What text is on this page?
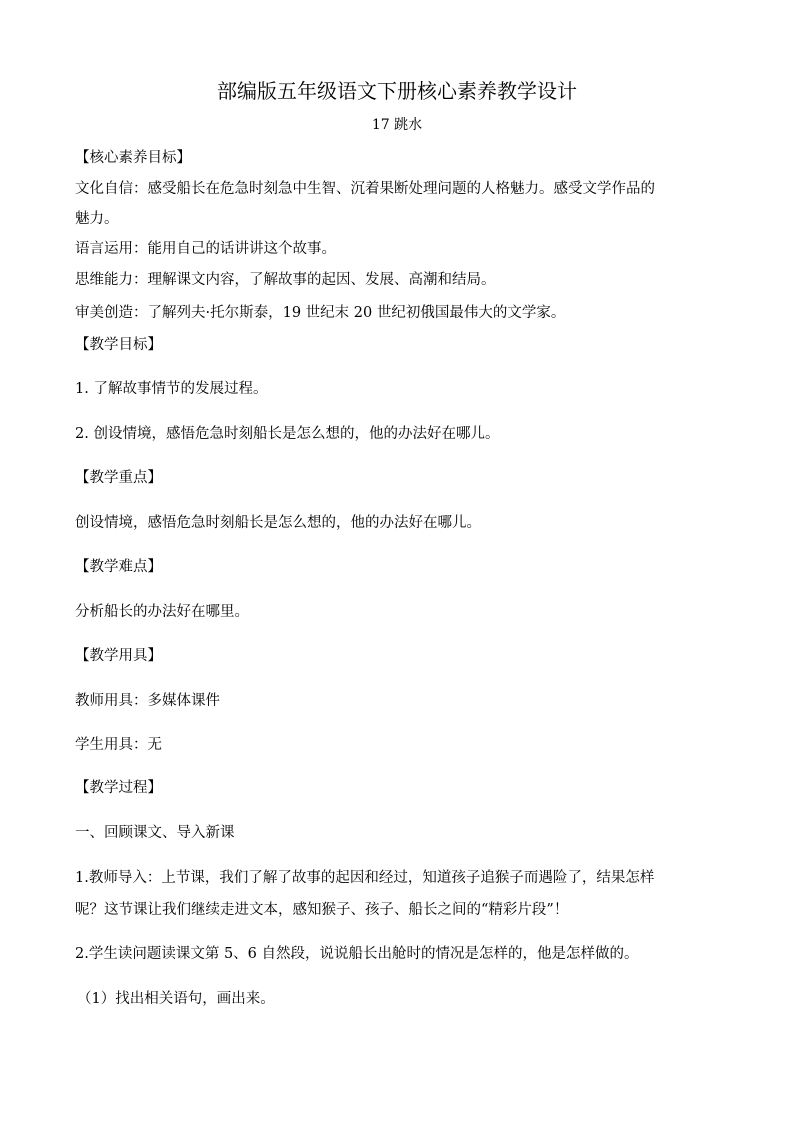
部编版五年级语文下册核心素养教学设计
17 跳水
【核心素养目标】
文化自信：感受船长在危急时刻急中生智、沉着果断处理问题的人格魅力。感受文学作品的
魅力。
语言运用：能用自己的话讲讲这个故事。
思维能力：理解课文内容，了解故事的起因、发展、高潮和结局。
审美创造：了解列夫·托尔斯泰，19 世纪末 20 世纪初俄国最伟大的文学家。
【教学目标】
1. 了解故事情节的发展过程。
2. 创设情境，感悟危急时刻船长是怎么想的，他的办法好在哪儿。
【教学重点】
创设情境，感悟危急时刻船长是怎么想的，他的办法好在哪儿。
【教学难点】
分析船长的办法好在哪里。
【教学用具】
教师用具：多媒体课件
学生用具：无
【教学过程】
一、回顾课文、导入新课
1.教师导入：上节课，我们了解了故事的起因和经过，知道孩子追猴子而遇险了，结果怎样
呢？这节课让我们继续走进文本，感知猴子、孩子、船长之间的“精彩片段”！
2.学生读问题读课文第 5、6 自然段，说说船长出舱时的情况是怎样的，他是怎样做的。
（1）找出相关语句，画出来。
